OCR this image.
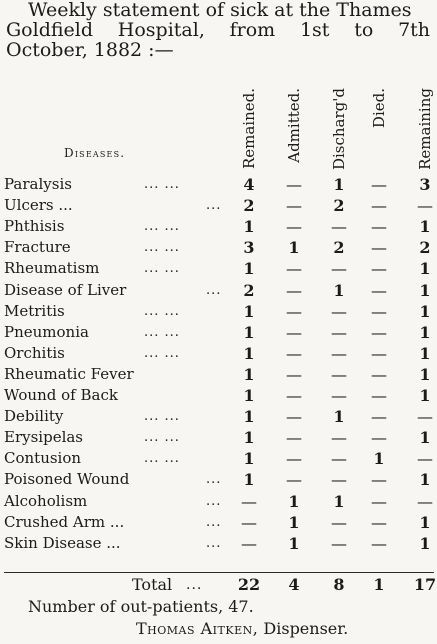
Weekly statement of sick at the Thames
Goldfield Hospital, from 1st to 7th
October, 1882 :—
Diseases.	Remained. Admitted. Discharg'd Died. Remaining
Paralysis	... ...	4	—	1	—	3
Ulcers ...	...	2	—	2	—	—
Phthisis	... ...	1	—	—	—	1
Fracture	... ...	3	1	2	—	2
Rheumatism	... ...	1	—	—	—	1
Disease of Liver	...	2	—	1	—	1
Metritis	... ...	1	—	—	—	1
Pneumonia	... ...	1	—	—	—	1
Orchitis	... ...	1	—	—	—	1
Rheumatic Fever	1	—	—	—	1
Wound of Back	1	—	—	—	1
Debility	... ...	1	—	1	—	—
Erysipelas	... ...	1	—	—	—	1
Contusion	... ...	1	—	—	1	—
Poisoned Wound	...	1	—	—	—	1
Alcoholism	...	—	1	1	—	—
Crushed Arm ...	...	—	1	—	—	1
Skin Disease ...	...	—	1	—	—	1
Total ... 22	4	8	1	17
Number of out-patients, 47.
Thomas Aitken, Dispenser.
